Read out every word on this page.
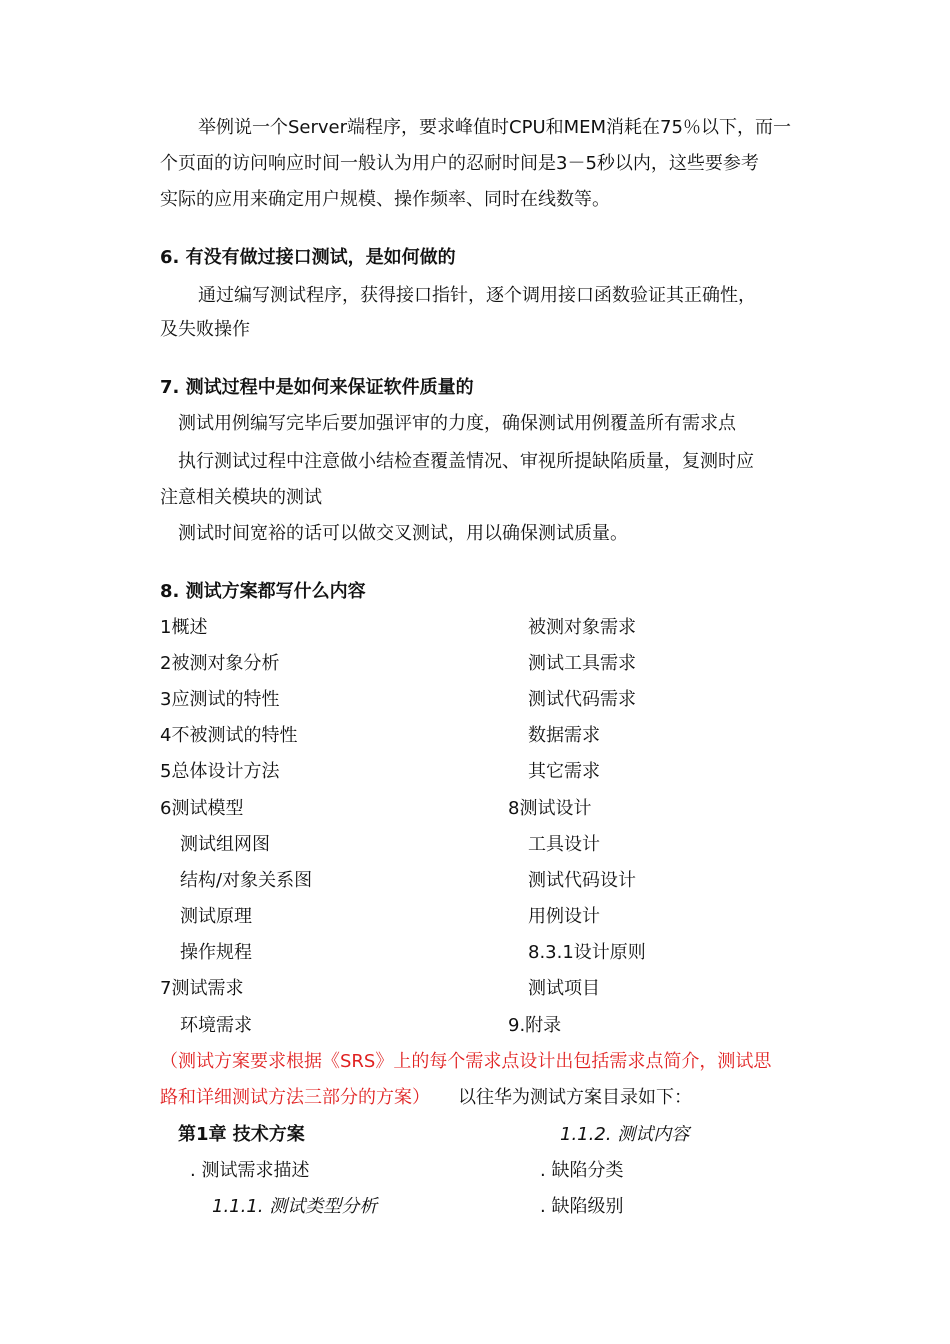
举例说一个Server端程序，要求峰值时CPU和MEM消耗在75％以下，而一
个页面的访问响应时间一般认为用户的忍耐时间是3－5秒以内，这些要参考
实际的应用来确定用户规模、操作频率、同时在线数等。
6. 有没有做过接口测试，是如何做的
通过编写测试程序，获得接口指针，逐个调用接口函数验证其正确性，
及失败操作
7. 测试过程中是如何来保证软件质量的
测试用例编写完毕后要加强评审的力度，确保测试用例覆盖所有需求点
执行测试过程中注意做小结检查覆盖情况、审视所提缺陷质量，复测时应
注意相关模块的测试
测试时间宽裕的话可以做交叉测试，用以确保测试质量。
8. 测试方案都写什么内容
1概述
2被测对象分析
3应测试的特性
4不被测试的特性
5总体设计方法
6测试模型
测试组网图
结构/对象关系图
测试原理
操作规程
7测试需求
环境需求
被测对象需求
测试工具需求
测试代码需求
数据需求
其它需求
8测试设计
工具设计
测试代码设计
用例设计
8.3.1设计原则
测试项目
9.附录
（测试方案要求根据《SRS》上的每个需求点设计出包括需求点简介，测试思
路和详细测试方法三部分的方案） 以往华为测试方案目录如下：
第1章 技术方案
. 测试需求描述
1.1.1. 测试类型分析
1.1.2. 测试内容
. 缺陷分类
. 缺陷级别
